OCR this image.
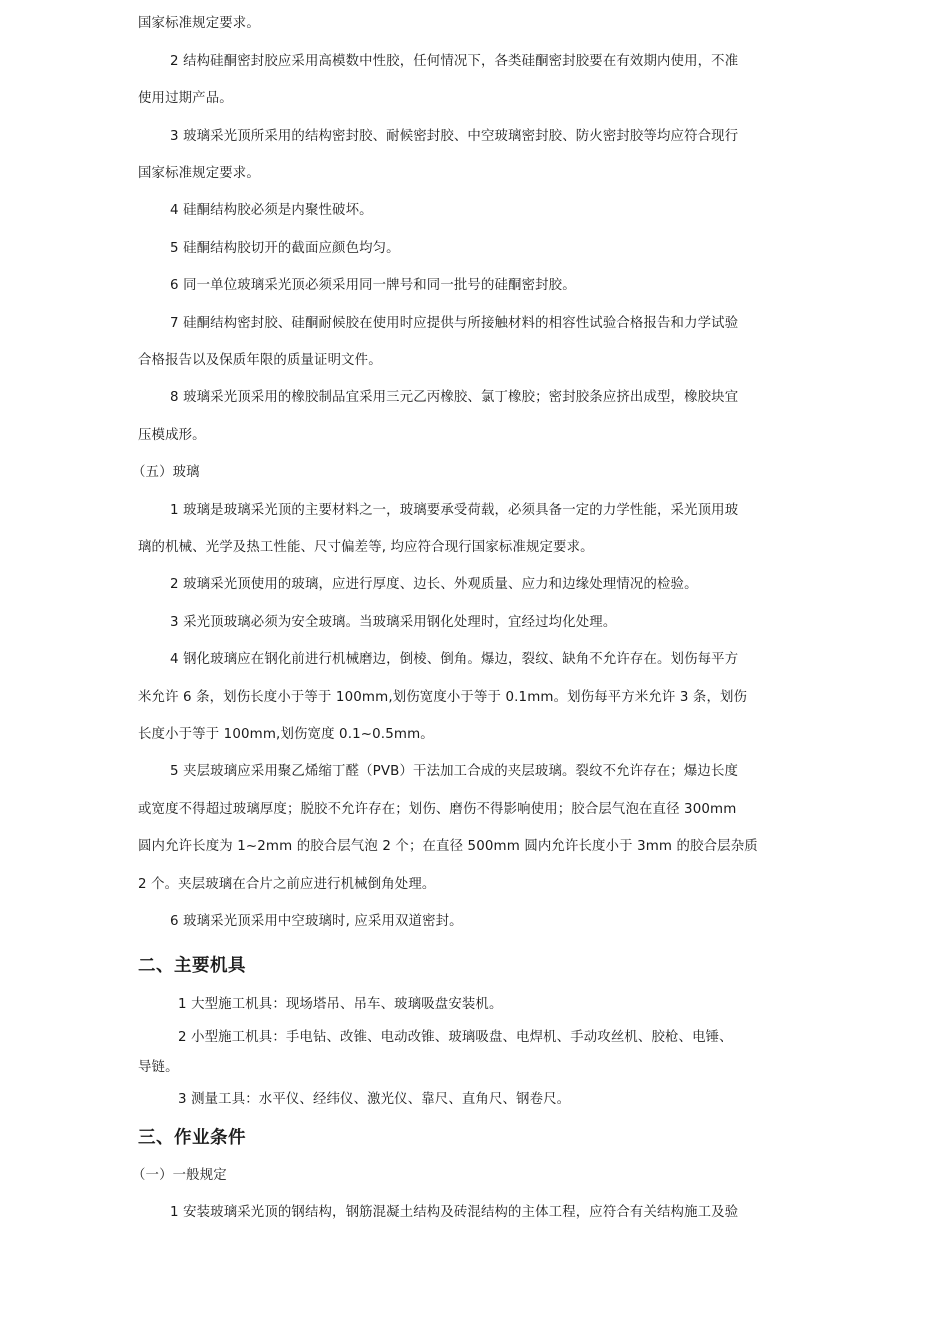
国家标准规定要求。
2 结构硅酮密封胶应采用高模数中性胶，任何情况下，各类硅酮密封胶要在有效期内使用，不准
使用过期产品。
3 玻璃采光顶所采用的结构密封胶、耐候密封胶、中空玻璃密封胶、防火密封胶等均应符合现行
国家标准规定要求。
4 硅酮结构胶必须是内聚性破坏。
5 硅酮结构胶切开的截面应颜色均匀。
6 同一单位玻璃采光顶必须采用同一牌号和同一批号的硅酮密封胶。
7 硅酮结构密封胶、硅酮耐候胶在使用时应提供与所接触材料的相容性试验合格报告和力学试验
合格报告以及保质年限的质量证明文件。
8 玻璃采光顶采用的橡胶制品宜采用三元乙丙橡胶、氯丁橡胶；密封胶条应挤出成型，橡胶块宜
压模成形。
（五）玻璃
1 玻璃是玻璃采光顶的主要材料之一，玻璃要承受荷载，必须具备一定的力学性能，采光顶用玻
璃的机械、光学及热工性能、尺寸偏差等, 均应符合现行国家标准规定要求。
2 玻璃采光顶使用的玻璃，应进行厚度、边长、外观质量、应力和边缘处理情况的检验。
3 采光顶玻璃必须为安全玻璃。当玻璃采用钢化处理时，宜经过均化处理。
4 钢化玻璃应在钢化前进行机械磨边，倒棱、倒角。爆边，裂纹、缺角不允许存在。划伤每平方
米允许 6 条，划伤长度小于等于 100mm,划伤宽度小于等于 0.1mm。划伤每平方米允许 3 条，划伤
长度小于等于 100mm,划伤宽度 0.1~0.5mm。
5 夹层玻璃应采用聚乙烯缩丁醛（PVB）干法加工合成的夹层玻璃。裂纹不允许存在；爆边长度
或宽度不得超过玻璃厚度；脱胶不允许存在；划伤、磨伤不得影响使用；胶合层气泡在直径 300mm
圆内允许长度为 1~2mm 的胶合层气泡 2 个；在直径 500mm 圆内允许长度小于 3mm 的胶合层杂质
2 个。夹层玻璃在合片之前应进行机械倒角处理。
6 玻璃采光顶采用中空玻璃时, 应采用双道密封。
二、主要机具
1 大型施工机具：现场塔吊、吊车、玻璃吸盘安装机。
2 小型施工机具：手电钻、改锥、电动改锥、玻璃吸盘、电焊机、手动攻丝机、胶枪、电锤、
导链。
3 测量工具：水平仪、经纬仪、激光仪、靠尺、直角尺、钢卷尺。
三、作业条件
（一）一般规定
1 安装玻璃采光顶的钢结构，钢筋混凝土结构及砖混结构的主体工程，应符合有关结构施工及验
